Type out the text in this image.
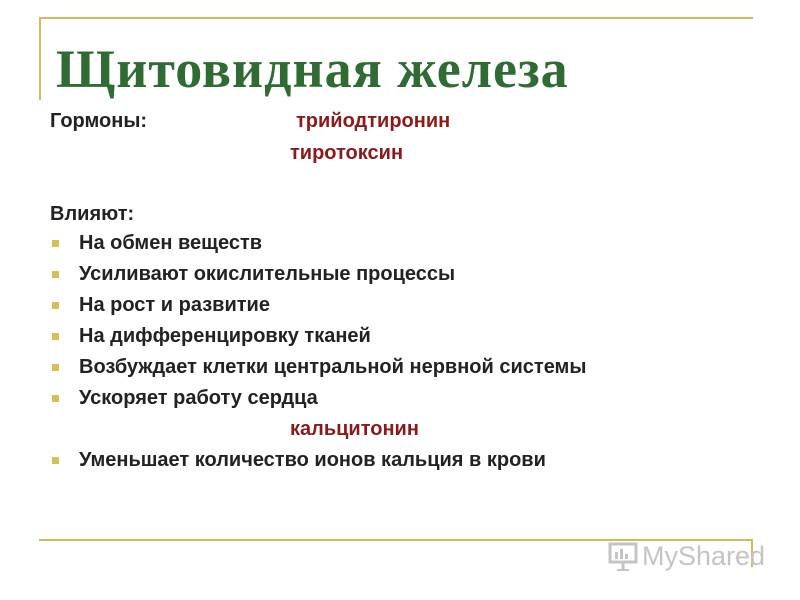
Щитовидная железа
Гормоны:	трийодтиронин
тиротоксин
Влияют:
На обмен веществ
Усиливают окислительные процессы
На рост и развитие
На дифференцировку тканей
Возбуждает клетки центральной нервной системы
Ускоряет работу сердца
кальцитонин
Уменьшает количество ионов кальция в крови
MyShared
